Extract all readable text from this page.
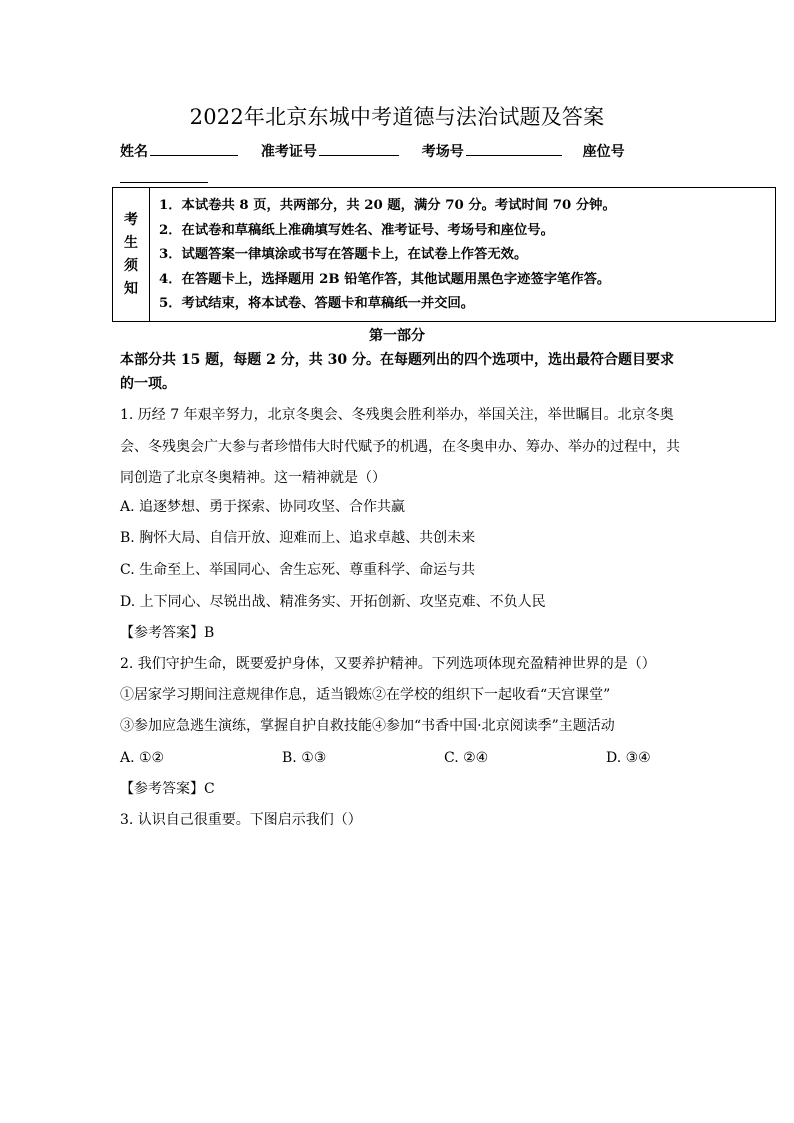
2022年北京东城中考道德与法治试题及答案
姓名	准考证号	考场号	座位号
考
生
须
知
1．本试卷共 8 页，共两部分，共 20 题，满分 70 分。考试时间 70 分钟。
2．在试卷和草稿纸上准确填写姓名、准考证号、考场号和座位号。
3．试题答案一律填涂或书写在答题卡上，在试卷上作答无效。
4．在答题卡上，选择题用 2B 铅笔作答，其他试题用黑色字迹签字笔作答。
5．考试结束，将本试卷、答题卡和草稿纸一并交回。
第一部分
本部分共 15 题，每题 2 分，共 30 分。在每题列出的四个选项中，选出最符合题目要求的一项。
1. 历经 7 年艰辛努力，北京冬奥会、冬残奥会胜利举办，举国关注，举世瞩目。北京冬奥会、冬残奥会广大参与者珍惜伟大时代赋予的机遇，在冬奥申办、筹办、举办的过程中，共同创造了北京冬奥精神。这一精神就是（）
A. 追逐梦想、勇于探索、协同攻坚、合作共赢
B. 胸怀大局、自信开放、迎难而上、追求卓越、共创未来
C. 生命至上、举国同心、舍生忘死、尊重科学、命运与共
D. 上下同心、尽锐出战、精准务实、开拓创新、攻坚克难、不负人民
【参考答案】B
2. 我们守护生命，既要爱护身体，又要养护精神。下列选项体现充盈精神世界的是（）
①居家学习期间注意规律作息，适当锻炼②在学校的组织下一起收看“天宫课堂”
③参加应急逃生演练，掌握自护自救技能④参加“书香中国·北京阅读季”主题活动
A. ①②	B. ①③	C. ②④	D. ③④
【参考答案】C
3. 认识自己很重要。下图启示我们（）
